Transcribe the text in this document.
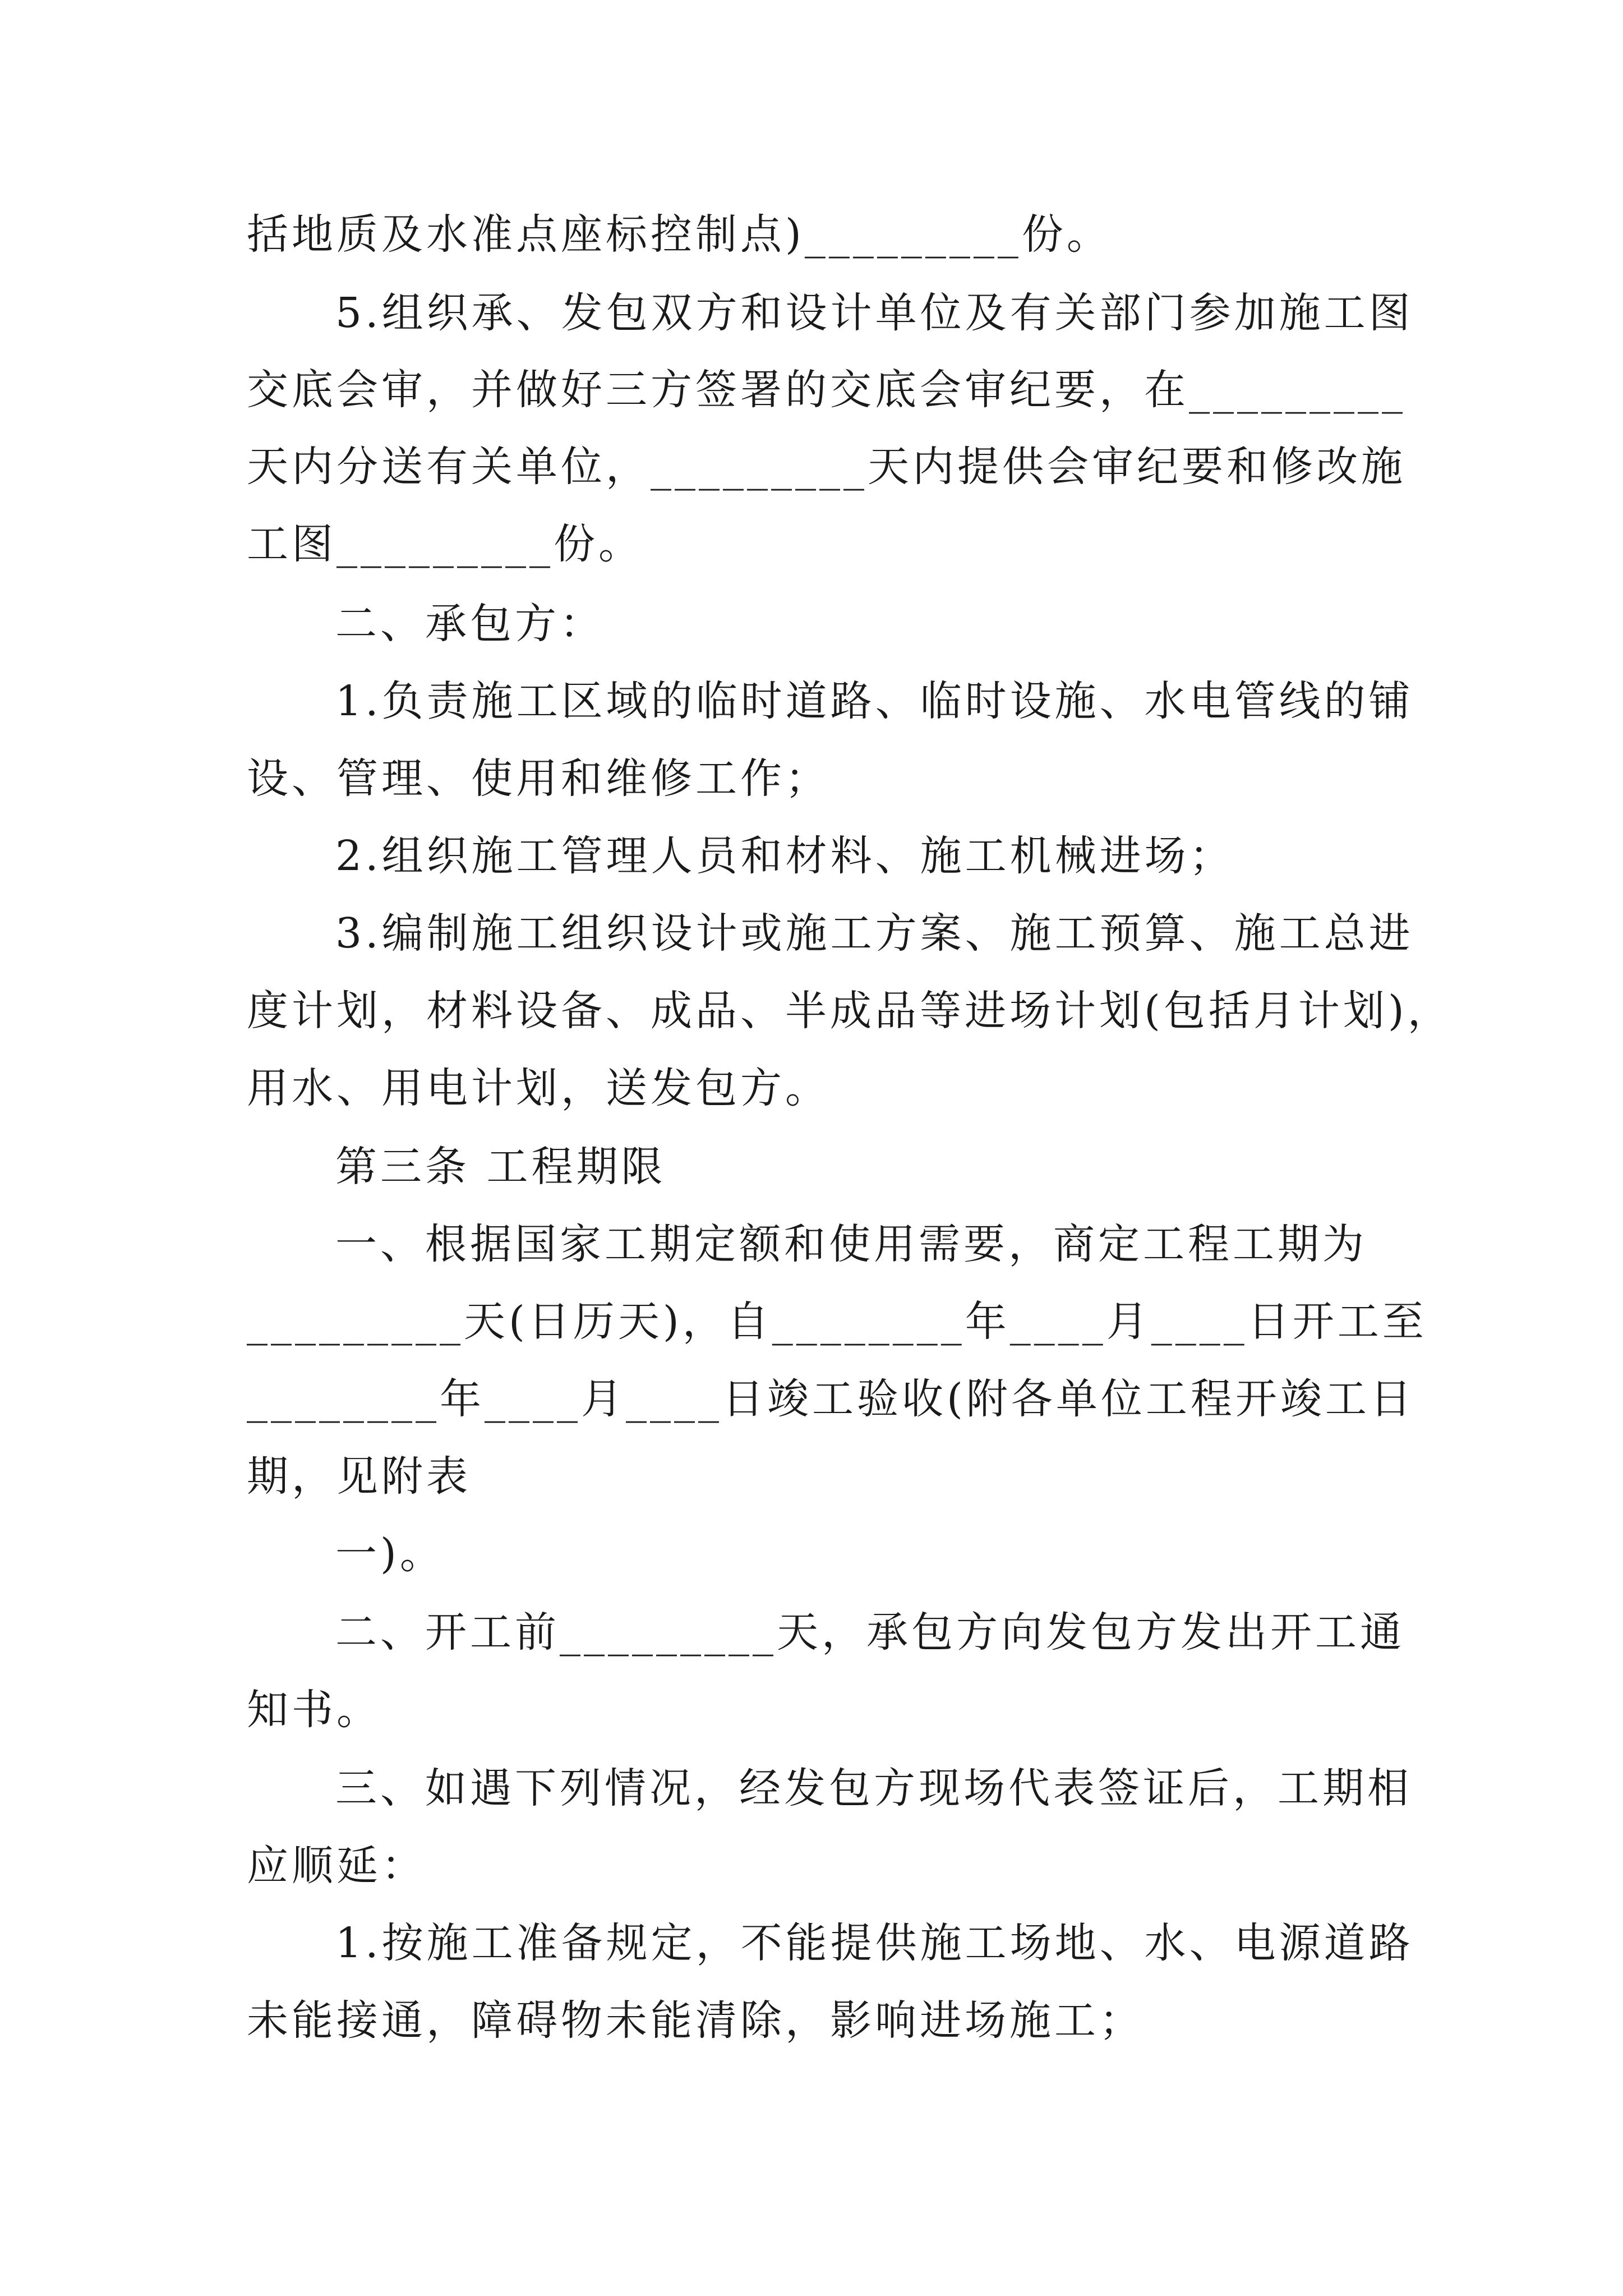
括地质及水准点座标控制点)_________份。
5.组织承、发包双方和设计单位及有关部门参加施工图
交底会审，并做好三方签署的交底会审纪要，在_________
天内分送有关单位，_________天内提供会审纪要和修改施
工图_________份。
二、承包方：
1.负责施工区域的临时道路、临时设施、水电管线的铺
设、管理、使用和维修工作；
2.组织施工管理人员和材料、施工机械进场；
3.编制施工组织设计或施工方案、施工预算、施工总进
度计划，材料设备、成品、半成品等进场计划(包括月计划)，
用水、用电计划，送发包方。
第三条 工程期限
一、根据国家工期定额和使用需要，商定工程工期为
_________天(日历天)，自________年____月____日开工至
________年____月____日竣工验收(附各单位工程开竣工日
期，见附表
一)。
二、开工前_________天，承包方向发包方发出开工通
知书。
三、如遇下列情况，经发包方现场代表签证后，工期相
应顺延：
1.按施工准备规定，不能提供施工场地、水、电源道路
未能接通，障碍物未能清除，影响进场施工；
